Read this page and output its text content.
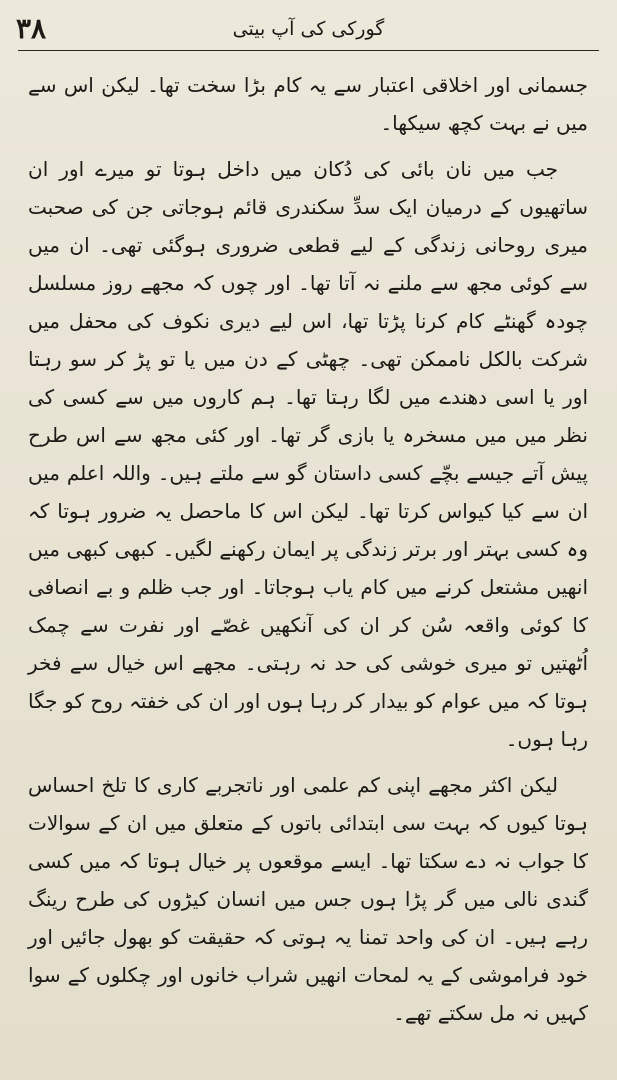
۳۸	گورکی کی آپ بیتی

جسمانی اور اخلاقی اعتبار سے یہ کام بڑا سخت تھا۔ لیکن اس سے میں نے بہت کچھ سیکھا۔

جب میں نان بائی کی دُکان میں داخل ہوتا تو میرے اور ان ساتھیوں کے درمیان ایک سدِّ سکندری قائم ہوجاتی جن کی صحبت میری روحانی زندگی کے لیے قطعی ضروری ہوگئی تھی۔ ان میں سے کوئی مجھ سے ملنے نہ آتا تھا۔ اور چوں کہ مجھے روز مسلسل چودہ گھنٹے کام کرنا پڑتا تھا، اس لیے دیری نکوف کی محفل میں شرکت بالکل ناممکن تھی۔ چھٹی کے دن میں یا تو پڑ کر سو رہتا اور یا اسی دھندے میں لگا رہتا تھا۔ ہم کاروں میں سے کسی کی نظر میں میں مسخرہ یا بازی گر تھا۔ اور کئی مجھ سے اس طرح پیش آتے جیسے بچّے کسی داستان گو سے ملتے ہیں۔ واللہ اعلم میں ان سے کیا کیواس کرتا تھا۔ لیکن اس کا ماحصل یہ ضرور ہوتا کہ وہ کسی بہتر اور برتر زندگی پر ایمان رکھنے لگیں۔ کبھی کبھی میں انھیں مشتعل کرنے میں کام یاب ہوجاتا۔ اور جب ظلم و بے انصافی کا کوئی واقعہ سُن کر ان کی آنکھیں غصّے اور نفرت سے چمک اُٹھتیں تو میری خوشی کی حد نہ رہتی۔ مجھے اس خیال سے فخر ہوتا کہ میں عوام کو بیدار کر رہا ہوں اور ان کی خفتہ روح کو جگا رہا ہوں۔

لیکن اکثر مجھے اپنی کم علمی اور ناتجربے کاری کا تلخ احساس ہوتا کیوں کہ بہت سی ابتدائی باتوں کے متعلق میں ان کے سوالات کا جواب نہ دے سکتا تھا۔ ایسے موقعوں پر خیال ہوتا کہ میں کسی گندی نالی میں گر پڑا ہوں جس میں انسان کیڑوں کی طرح رینگ رہے ہیں۔ ان کی واحد تمنا یہ ہوتی کہ حقیقت کو بھول جائیں اور خود فراموشی کے یہ لمحات انھیں شراب خانوں اور چکلوں کے سوا کہیں نہ مل سکتے تھے۔
